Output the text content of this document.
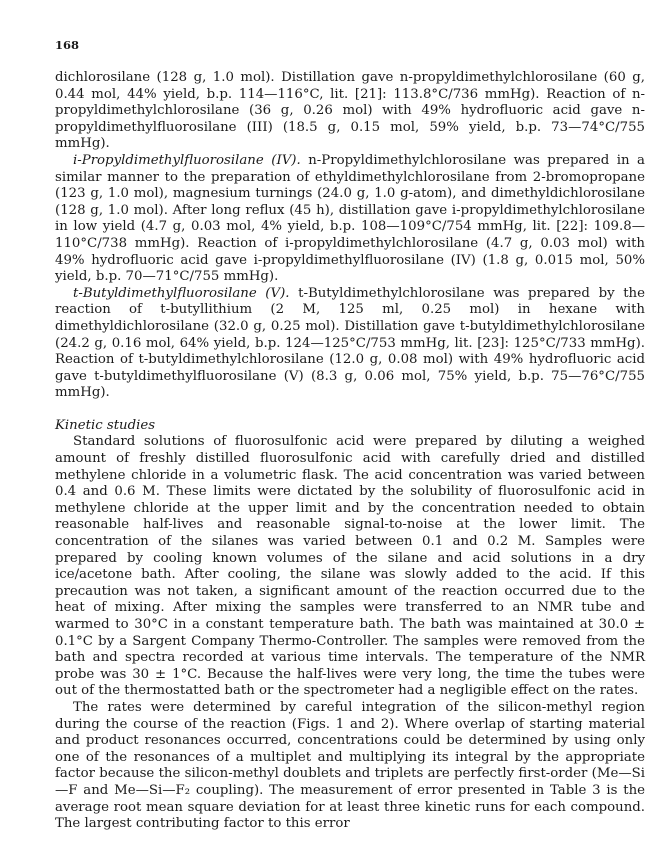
168

dichlorosilane (128 g, 1.0 mol). Distillation gave n-propyldimethylchlorosilane (60 g, 0.44 mol, 44% yield, b.p. 114—116°C, lit. [21]: 113.8°C/736 mmHg). Reaction of n-propyldimethylchlorosilane (36 g, 0.26 mol) with 49% hydrofluoric acid gave n-propyldimethylfluorosilane (III) (18.5 g, 0.15 mol, 59% yield, b.p. 73—74°C/755 mmHg).

i-Propyldimethylfluorosilane (IV). n-Propyldimethylchlorosilane was prepared in a similar manner to the preparation of ethyldimethylchlorosilane from 2-bromopropane (123 g, 1.0 mol), magnesium turnings (24.0 g, 1.0 g-atom), and dimethyldichlorosilane (128 g, 1.0 mol). After long reflux (45 h), distillation gave i-propyldimethylchlorosilane in low yield (4.7 g, 0.03 mol, 4% yield, b.p. 108—109°C/754 mmHg, lit. [22]: 109.8—110°C/738 mmHg). Reaction of i-propyldimethylchlorosilane (4.7 g, 0.03 mol) with 49% hydrofluoric acid gave i-propyldimethylfluorosilane (IV) (1.8 g, 0.015 mol, 50% yield, b.p. 70—71°C/755 mmHg).

t-Butyldimethylfluorosilane (V). t-Butyldimethylchlorosilane was prepared by the reaction of t-butyllithium (2 M, 125 ml, 0.25 mol) in hexane with dimethyldichlorosilane (32.0 g, 0.25 mol). Distillation gave t-butyldimethylchlorosilane (24.2 g, 0.16 mol, 64% yield, b.p. 124—125°C/753 mmHg, lit. [23]: 125°C/733 mmHg). Reaction of t-butyldimethylchlorosilane (12.0 g, 0.08 mol) with 49% hydrofluoric acid gave t-butyldimethylfluorosilane (V) (8.3 g, 0.06 mol, 75% yield, b.p. 75—76°C/755 mmHg).

Kinetic studies

Standard solutions of fluorosulfonic acid were prepared by diluting a weighed amount of freshly distilled fluorosulfonic acid with carefully dried and distilled methylene chloride in a volumetric flask. The acid concentration was varied between 0.4 and 0.6 M. These limits were dictated by the solubility of fluorosulfonic acid in methylene chloride at the upper limit and by the concentration needed to obtain reasonable half-lives and reasonable signal-to-noise at the lower limit. The concentration of the silanes was varied between 0.1 and 0.2 M. Samples were prepared by cooling known volumes of the silane and acid solutions in a dry ice/acetone bath. After cooling, the silane was slowly added to the acid. If this precaution was not taken, a significant amount of the reaction occurred due to the heat of mixing. After mixing the samples were transferred to an NMR tube and warmed to 30°C in a constant temperature bath. The bath was maintained at 30.0 ± 0.1°C by a Sargent Company Thermo-Controller. The samples were removed from the bath and spectra recorded at various time intervals. The temperature of the NMR probe was 30 ± 1°C. Because the half-lives were very long, the time the tubes were out of the thermostatted bath or the spectrometer had a negligible effect on the rates.

The rates were determined by careful integration of the silicon-methyl region during the course of the reaction (Figs. 1 and 2). Where overlap of starting material and product resonances occurred, concentrations could be determined by using only one of the resonances of a multiplet and multiplying its integral by the appropriate factor because the silicon-methyl doublets and triplets are perfectly first-order (Me—Si—F and Me—Si—F₂ coupling). The measurement of error presented in Table 3 is the average root mean square deviation for at least three kinetic runs for each compound. The largest contributing factor to this error
